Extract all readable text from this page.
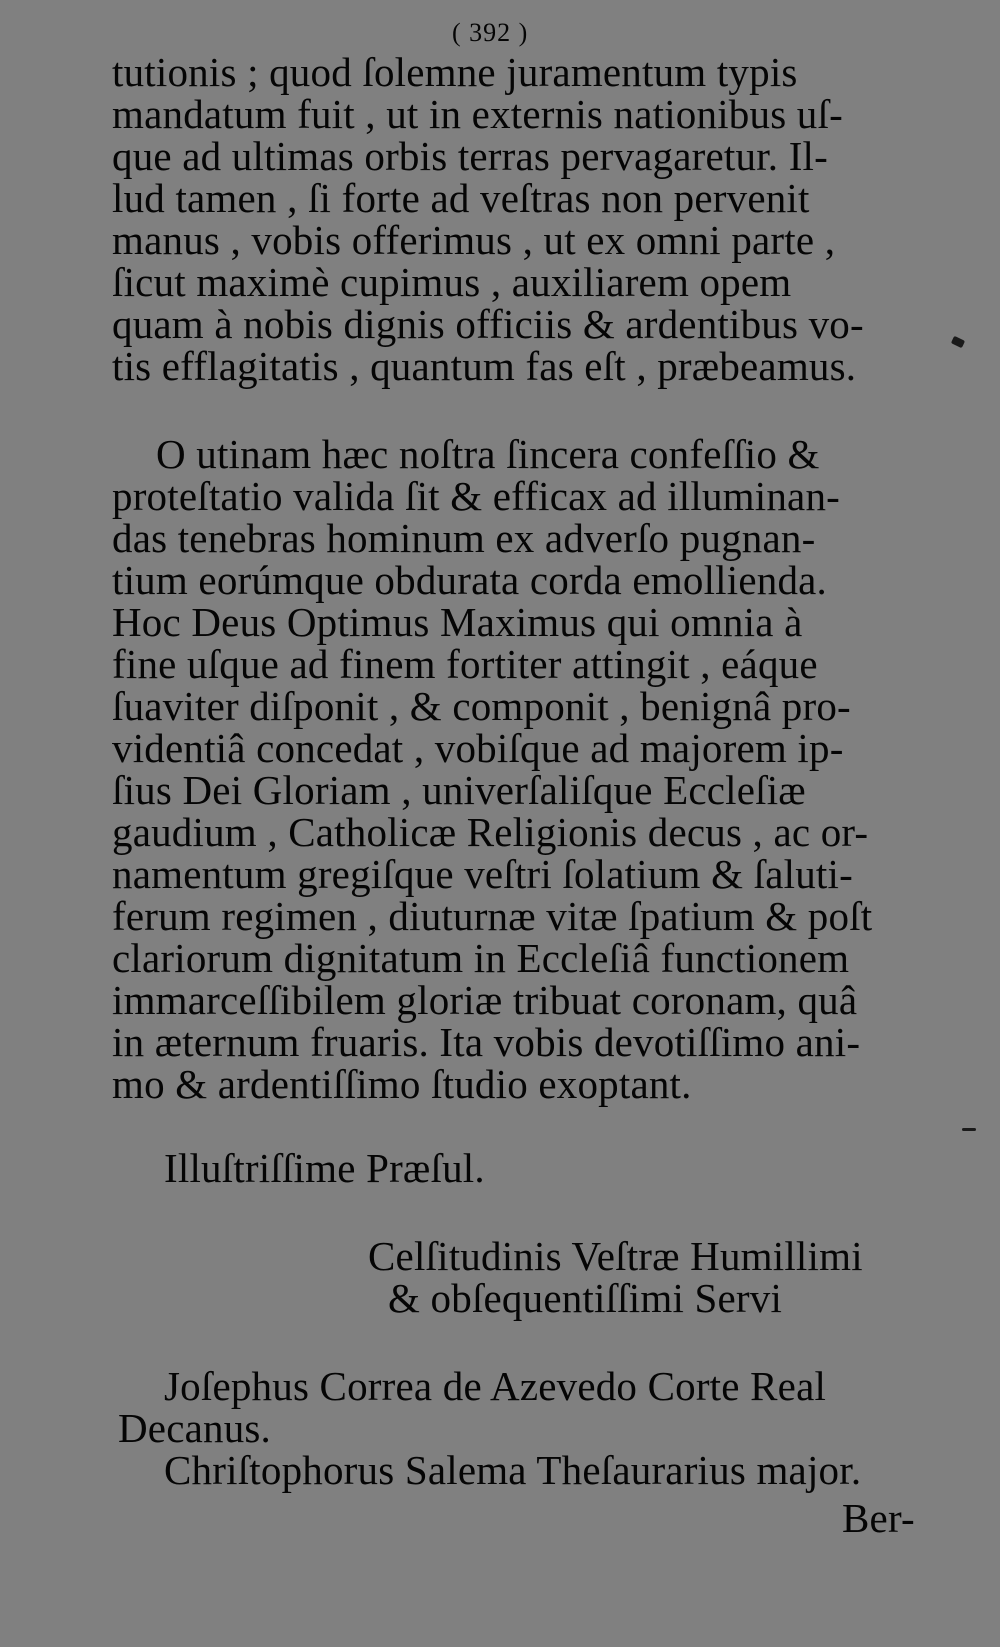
( 392 )
tutionis ; quod ſolemne juramentum typis
mandatum fuit , ut in externis nationibus uſ-
que ad ultimas orbis terras pervagaretur. Il-
lud tamen , ſi forte ad veſtras non pervenit
manus , vobis offerimus , ut ex omni parte ,
ſicut maximè cupimus , auxiliarem opem
quam à nobis dignis officiis & ardentibus vo-
tis efflagitatis , quantum fas eſt , præbeamus.
O utinam hæc noſtra ſincera confeſſio &
proteſtatio valida ſit & efficax ad illuminan-
das tenebras hominum ex adverſo pugnan-
tium eorúmque obdurata corda emollienda.
Hoc Deus Optimus Maximus qui omnia à
fine uſque ad finem fortiter attingit , eáque
ſuaviter diſponit , & componit , benignâ pro-
videntiâ concedat , vobiſque ad majorem ip-
ſius Dei Gloriam , univerſaliſque Eccleſiæ
gaudium , Catholicæ Religionis decus , ac or-
namentum gregiſque veſtri ſolatium & ſaluti-
ferum regimen , diuturnæ vitæ ſpatium & poſt
clariorum dignitatum in Eccleſiâ functionem
immarceſſibilem gloriæ tribuat coronam, quâ
in æternum fruaris. Ita vobis devotiſſimo ani-
mo & ardentiſſimo ſtudio exoptant.
Illuſtriſſime Præſul.
Celſitudinis Veſtræ Humillimi
& obſequentiſſimi Servi
Joſephus Correa de Azevedo Corte Real
Decanus.
Chriſtophorus Salema Theſaurarius major.
Ber-
